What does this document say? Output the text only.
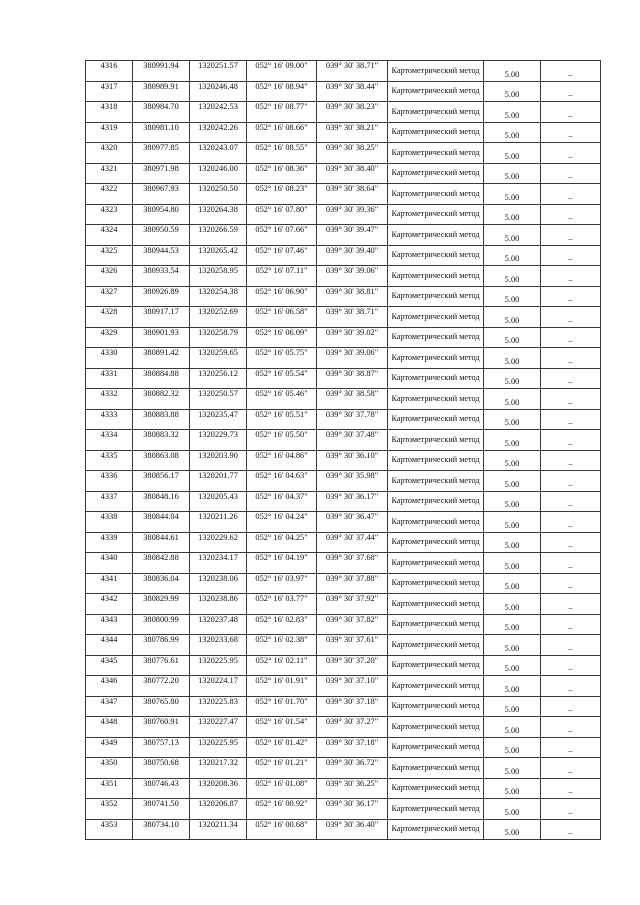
4316	380991.94	1320251.57	052° 16' 09.00"	039° 30' 38.71"	Картометрический метод	5.00	–
4317	380989.91	1320246.48	052° 16' 08.94"	039° 30' 38.44"	Картометрический метод	5.00	–
4318	380984.70	1320242.53	052° 16' 08.77"	039° 30' 38.23"	Картометрический метод	5.00	–
4319	380981.10	1320242.26	052° 16' 08.66"	039° 30' 38.21"	Картометрический метод	5.00	–
4320	380977.85	1320243.07	052° 16' 08.55"	039° 30' 38.25"	Картометрический метод	5.00	–
4321	380971.98	1320246.00	052° 16' 08.36"	039° 30' 38.40"	Картометрический метод	5.00	–
4322	380967.93	1320250.50	052° 16' 08.23"	039° 30' 38.64"	Картометрический метод	5.00	–
4323	380954.80	1320264.38	052° 16' 07.80"	039° 30' 39.36"	Картометрический метод	5.00	–
4324	380950.59	1320266.59	052° 16' 07.66"	039° 30' 39.47"	Картометрический метод	5.00	–
4325	380944.53	1320265.42	052° 16' 07.46"	039° 30' 39.40"	Картометрический метод	5.00	–
4326	380933.54	1320258.95	052° 16' 07.11"	039° 30' 39.06"	Картометрический метод	5.00	–
4327	380926.89	1320254.38	052° 16' 06.90"	039° 30' 38.81"	Картометрический метод	5.00	–
4328	380917.17	1320252.69	052° 16' 06.58"	039° 30' 38.71"	Картометрический метод	5.00	–
4329	380901.93	1320258.79	052° 16' 06.09"	039° 30' 39.02"	Картометрический метод	5.00	–
4330	380891.42	1320259.65	052° 16' 05.75"	039° 30' 39.06"	Картометрический метод	5.00	–
4331	380884.88	1320256.12	052° 16' 05.54"	039° 30' 38.87"	Картометрический метод	5.00	–
4332	380882.32	1320250.57	052° 16' 05.46"	039° 30' 38.58"	Картометрический метод	5.00	–
4333	380883.88	1320235.47	052° 16' 05.51"	039° 30' 37.78"	Картометрический метод	5.00	–
4334	380883.32	1320229.73	052° 16' 05.50"	039° 30' 37.48"	Картометрический метод	5.00	–
4335	380863.08	1320203.90	052° 16' 04.86"	039° 30' 36.10"	Картометрический метод	5.00	–
4336	380856.17	1320201.77	052° 16' 04.63"	039° 30' 35.98"	Картометрический метод	5.00	–
4337	380848.16	1320205.43	052° 16' 04.37"	039° 30' 36.17"	Картометрический метод	5.00	–
4338	380844.04	1320211.26	052° 16' 04.24"	039° 30' 36.47"	Картометрический метод	5.00	–
4339	380844.61	1320229.62	052° 16' 04.25"	039° 30' 37.44"	Картометрический метод	5.00	–
4340	380842.88	1320234.17	052° 16' 04.19"	039° 30' 37.68"	Картометрический метод	5.00	–
4341	380836.04	1320238.06	052° 16' 03.97"	039° 30' 37.88"	Картометрический метод	5.00	–
4342	380829.99	1320238.86	052° 16' 03.77"	039° 30' 37.92"	Картометрический метод	5.00	–
4343	380800.99	1320237.48	052° 16' 02.83"	039° 30' 37.82"	Картометрический метод	5.00	–
4344	380786.99	1320233.68	052° 16' 02.38"	039° 30' 37.61"	Картометрический метод	5.00	–
4345	380776.61	1320225.95	052° 16' 02.11"	039° 30' 37.20"	Картометрический метод	5.00	–
4346	380772.20	1320224.17	052° 16' 01.91"	039° 30' 37.10"	Картометрический метод	5.00	–
4347	380765.80	1320225.83	052° 16' 01.70"	039° 30' 37.18"	Картометрический метод	5.00	–
4348	380760.91	1320227.47	052° 16' 01.54"	039° 30' 37.27"	Картометрический метод	5.00	–
4349	380757.13	1320225.95	052° 16' 01.42"	039° 30' 37.18"	Картометрический метод	5.00	–
4350	380750.68	1320217.32	052° 16' 01.21"	039° 30' 36.72"	Картометрический метод	5.00	–
4351	380746.43	1320208.36	052° 16' 01.08"	039° 30' 36.25"	Картометрический метод	5.00	–
4352	380741.50	1320206.87	052° 16' 00.92"	039° 30' 36.17"	Картометрический метод	5.00	–
4353	380734.10	1320211.34	052° 16' 00.68"	039° 30' 36.40"	Картометрический метод	5.00	–
